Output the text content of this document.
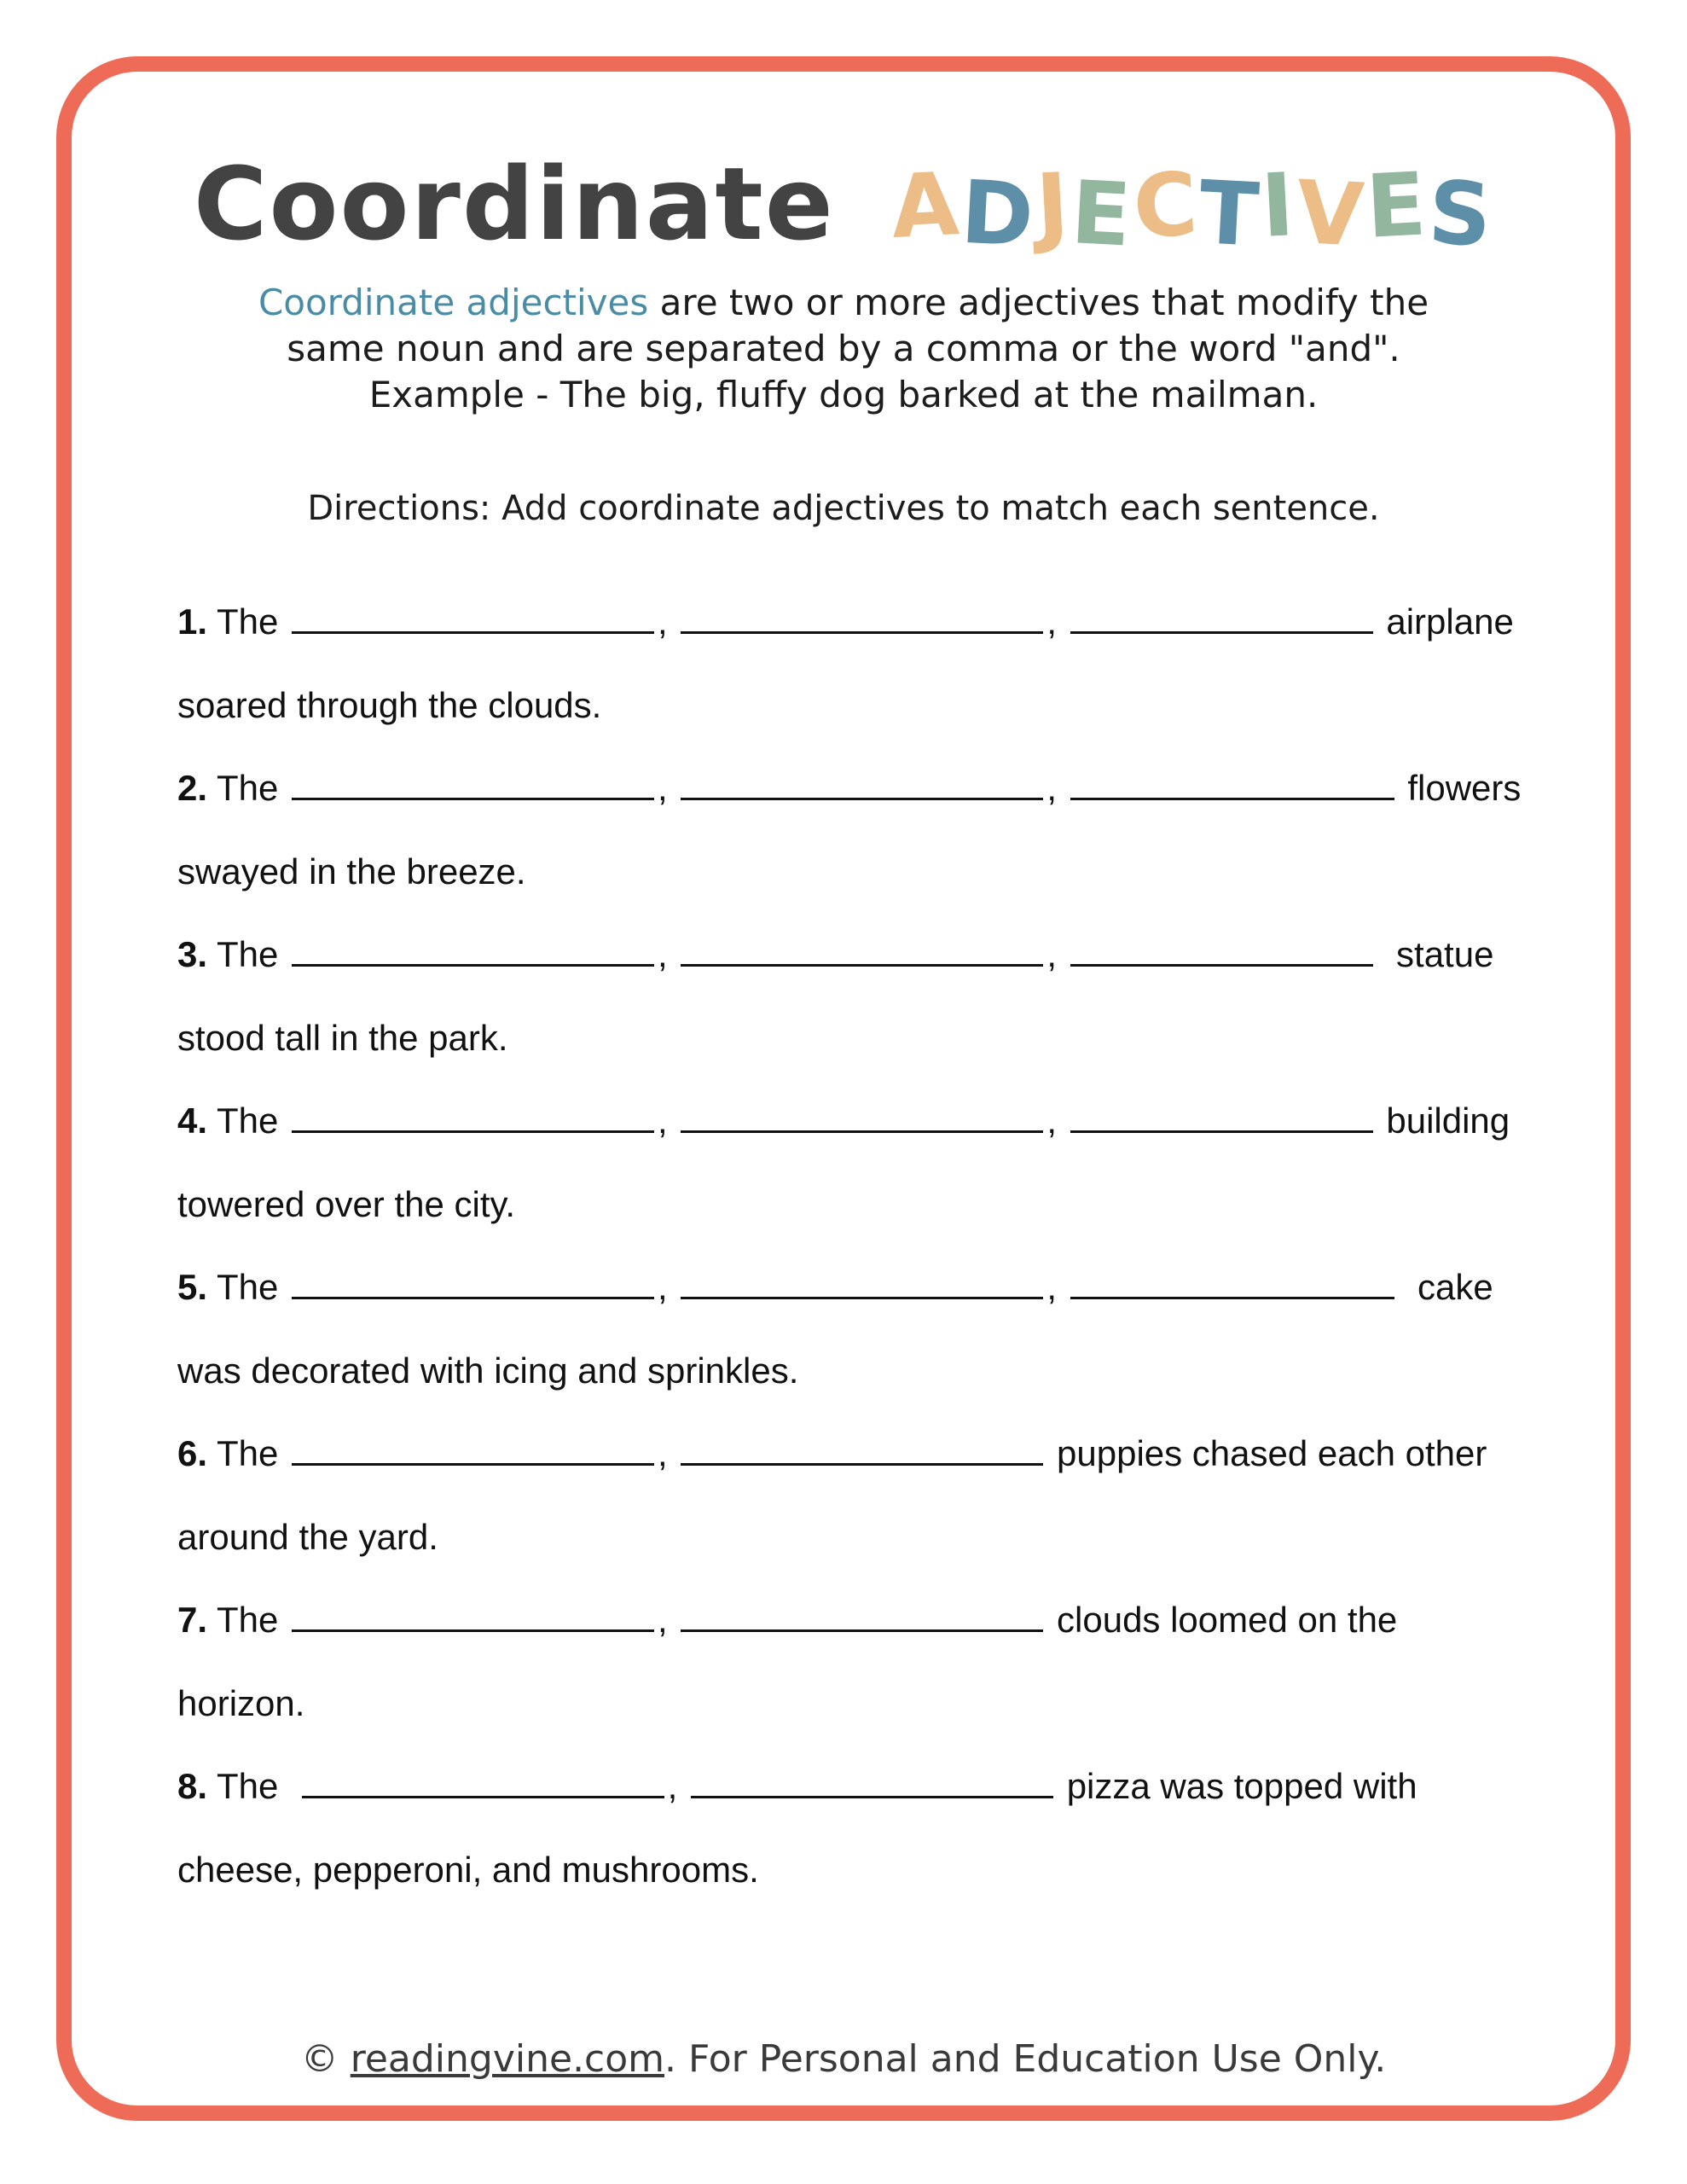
Coordinate ADJECTIVES
Coordinate adjectives are two or more adjectives that modify the
same noun and are separated by a comma or the word "and".
Example - The big, fluffy dog barked at the mailman.
Directions: Add coordinate adjectives to match each sentence.
1. The	,	,	airplane
soared through the clouds.
2. The	,	,	flowers
swayed in the breeze.
3. The	,	,	statue
stood tall in the park.
4. The	,	,	building
towered over the city.
5. The	,	,	cake
was decorated with icing and sprinkles.
6. The	,	puppies chased each other
around the yard.
7. The	,	clouds loomed on the
horizon.
8. The	,	pizza was topped with
cheese, pepperoni, and mushrooms.
© readingvine.com. For Personal and Education Use Only.
